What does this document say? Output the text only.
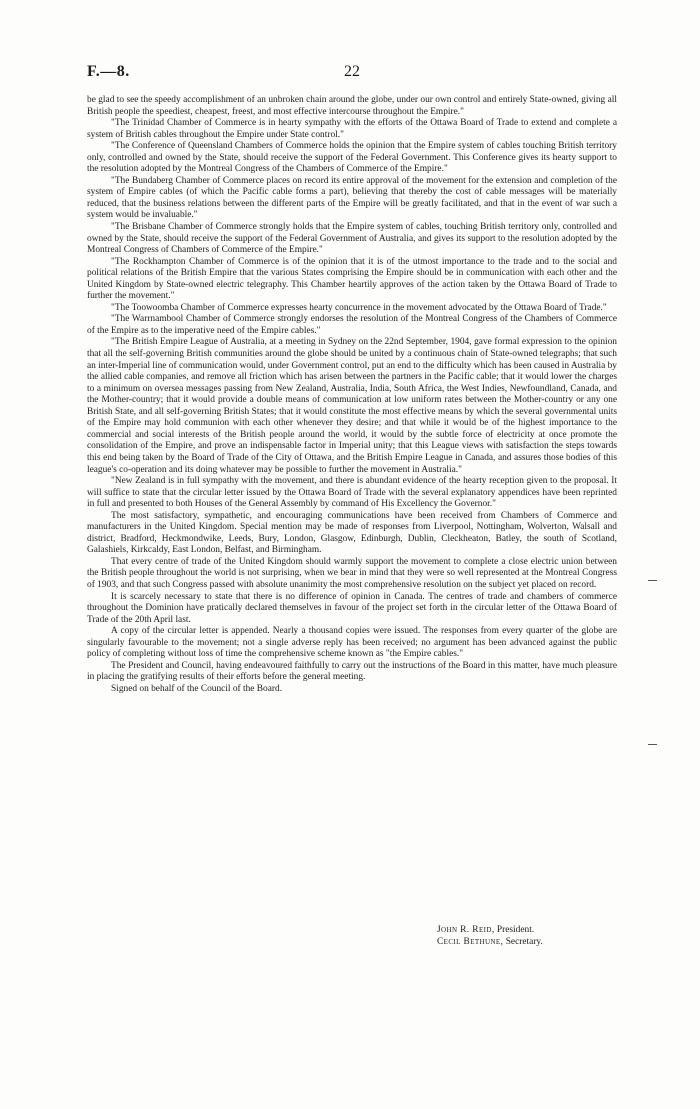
F.—8.	22

be glad to see the speedy accomplishment of an unbroken chain around the globe, under our own control and entirely State-owned, giving all British people the speediest, cheapest, freest, and most effective intercourse throughout the Empire."

"The Trinidad Chamber of Commerce is in hearty sympathy with the efforts of the Ottawa Board of Trade to extend and complete a system of British cables throughout the Empire under State control."

"The Conference of Queensland Chambers of Commerce holds the opinion that the Empire system of cables touching British territory only, controlled and owned by the State, should receive the support of the Federal Government. This Conference gives its hearty support to the resolution adopted by the Montreal Congress of the Chambers of Commerce of the Empire."

"The Bundaberg Chamber of Commerce places on record its entire approval of the movement for the extension and completion of the system of Empire cables (of which the Pacific cable forms a part), believing that thereby the cost of cable messages will be materially reduced, that the business relations between the different parts of the Empire will be greatly facilitated, and that in the event of war such a system would be invaluable."

"The Brisbane Chamber of Commerce strongly holds that the Empire system of cables, touching British territory only, controlled and owned by the State, should receive the support of the Federal Government of Australia, and gives its support to the resolution adopted by the Montreal Congress of Chambers of Commerce of the Empire."

"The Rockhampton Chamber of Commerce is of the opinion that it is of the utmost importance to the trade and to the social and political relations of the British Empire that the various States comprising the Empire should be in communication with each other and the United Kingdom by State-owned electric telegraphy. This Chamber heartily approves of the action taken by the Ottawa Board of Trade to further the movement."

"The Toowoomba Chamber of Commerce expresses hearty concurrence in the movement advocated by the Ottawa Board of Trade."

"The Warrnambool Chamber of Commerce strongly endorses the resolution of the Montreal Congress of the Chambers of Commerce of the Empire as to the imperative need of the Empire cables."

"The British Empire League of Australia, at a meeting in Sydney on the 22nd September, 1904, gave formal expression to the opinion that all the self-governing British communities around the globe should be united by a continuous chain of State-owned telegraphs; that such an inter-Imperial line of communication would, under Government control, put an end to the difficulty which has been caused in Australia by the allied cable companies, and remove all friction which has arisen between the partners in the Pacific cable; that it would lower the charges to a minimum on oversea messages passing from New Zealand, Australia, India, South Africa, the West Indies, Newfoundland, Canada, and the Mother-country; that it would provide a double means of communication at low uniform rates between the Mother-country or any one British State, and all self-governing British States; that it would constitute the most effective means by which the several governmental units of the Empire may hold communion with each other whenever they desire; and that while it would be of the highest importance to the commercial and social interests of the British people around the world, it would by the subtle force of electricity at once promote the consolidation of the Empire, and prove an indispensable factor in Imperial unity; that this League views with satisfaction the steps towards this end being taken by the Board of Trade of the City of Ottawa, and the British Empire League in Canada, and assures those bodies of this league's co-operation and its doing whatever may be possible to further the movement in Australia."

"New Zealand is in full sympathy with the movement, and there is abundant evidence of the hearty reception given to the proposal. It will suffice to state that the circular letter issued by the Ottawa Board of Trade with the several explanatory appendices have been reprinted in full and presented to both Houses of the General Assembly by command of His Excellency the Governor."

The most satisfactory, sympathetic, and encouraging communications have been received from Chambers of Commerce and manufacturers in the United Kingdom. Special mention may be made of responses from Liverpool, Nottingham, Wolverton, Walsall and district, Bradford, Heckmondwike, Leeds, Bury, London, Glasgow, Edinburgh, Dublin, Cleckheaton, Batley, the south of Scotland, Galashiels, Kirkcaldy, East London, Belfast, and Birmingham.

That every centre of trade of the United Kingdom should warmly support the movement to complete a close electric union between the British people throughout the world is not surprising, when we bear in mind that they were so well represented at the Montreal Congress of 1903, and that such Congress passed with absolute unanimity the most comprehensive resolution on the subject yet placed on record.

It is scarcely necessary to state that there is no difference of opinion in Canada. The centres of trade and chambers of commerce throughout the Dominion have pratically declared themselves in favour of the project set forth in the circular letter of the Ottawa Board of Trade of the 20th April last.

A copy of the circular letter is appended. Nearly a thousand copies were issued. The responses from every quarter of the globe are singularly favourable to the movement; not a single adverse reply has been received; no argument has been advanced against the public policy of completing without loss of time the comprehensive scheme known as "the Empire cables."

The President and Council, having endeavoured faithfully to carry out the instructions of the Board in this matter, have much pleasure in placing the gratifying results of their efforts before the general meeting.

Signed on behalf of the Council of the Board.

John R. Reid, President.
Cecil Bethune, Secretary.
